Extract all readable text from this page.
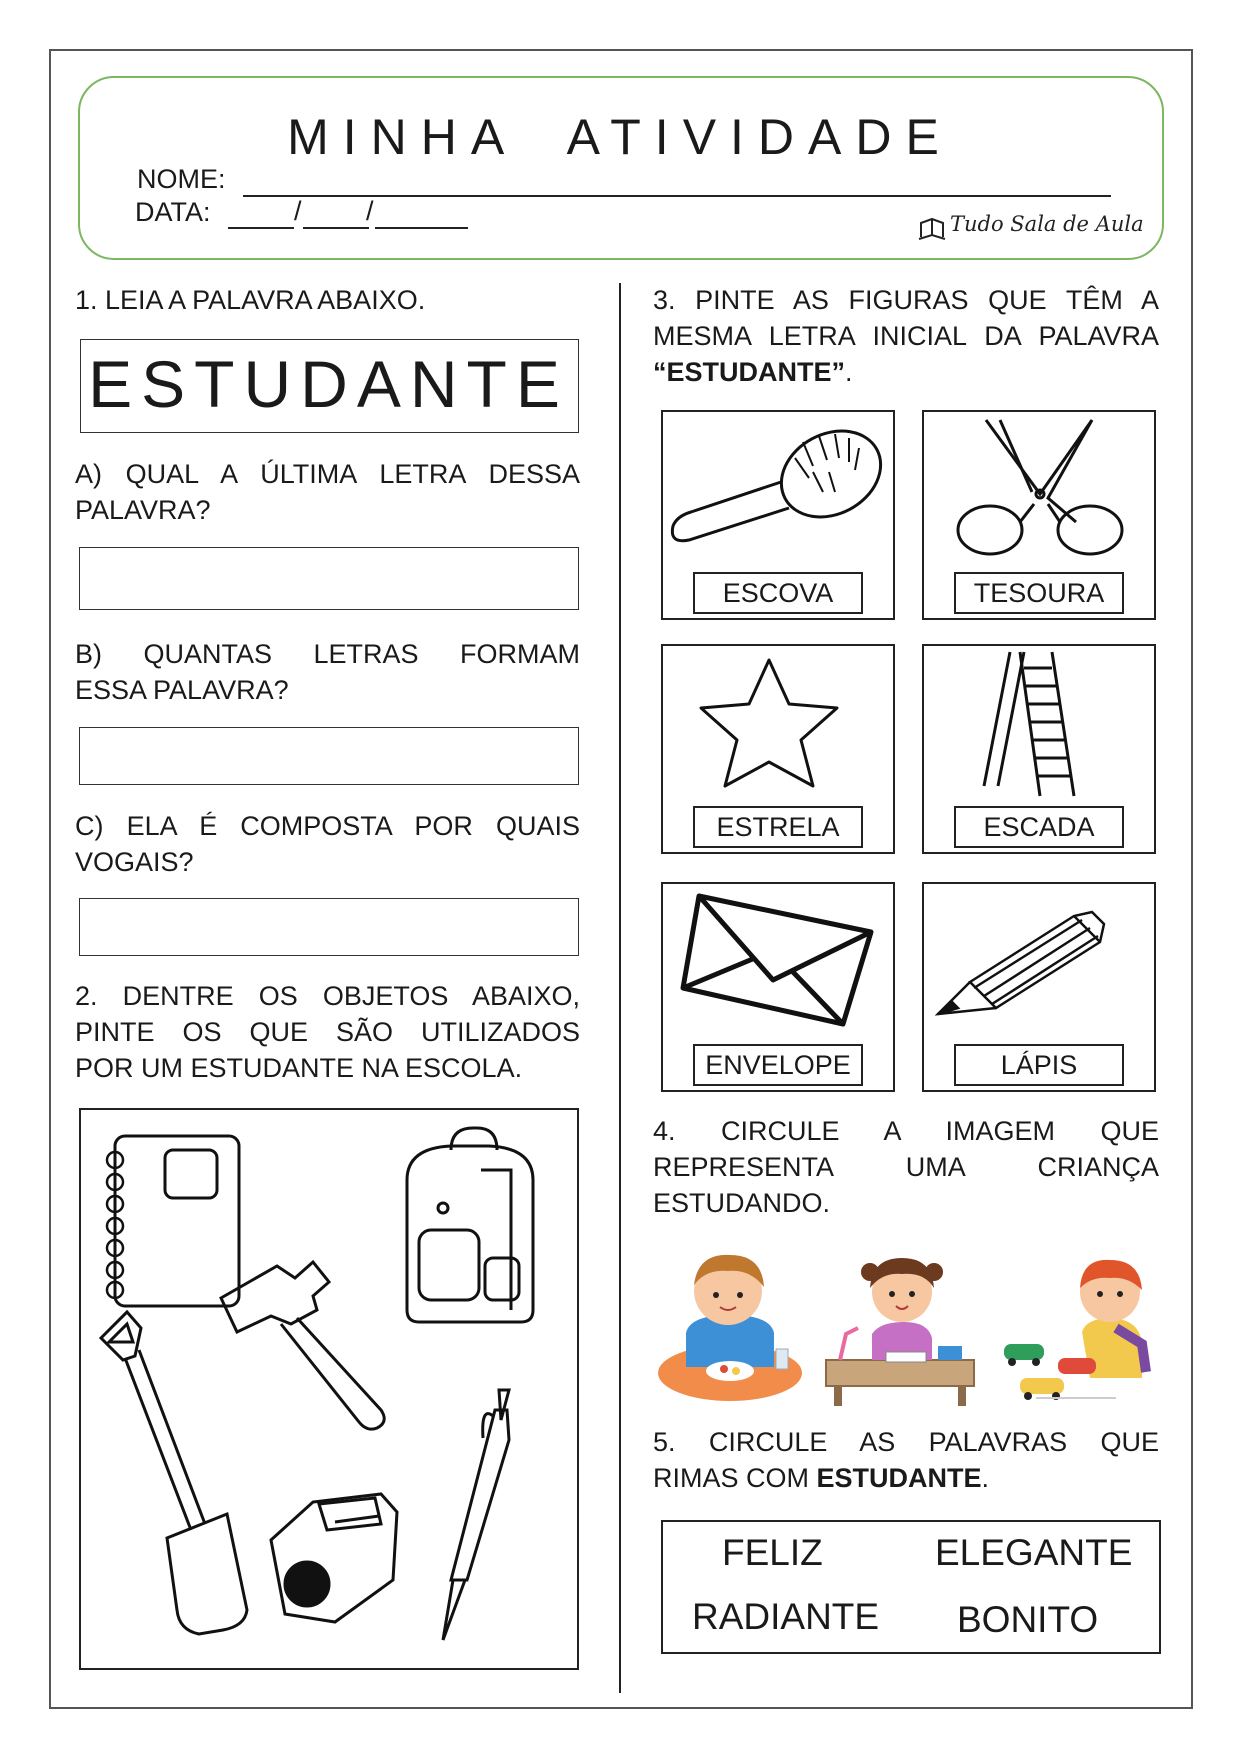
MINHA ATIVIDADE
NOME:
DATA:	/ /	Tudo Sala de Aula
1. LEIA A PALAVRA ABAIXO.
ESTUDANTE
A) QUAL A ÚLTIMA LETRA DESSA
PALAVRA?
B) QUANTAS LETRAS FORMAM
ESSA PALAVRA?
C) ELA É COMPOSTA POR QUAIS
VOGAIS?
2. DENTRE OS OBJETOS ABAIXO,
PINTE OS QUE SÃO UTILIZADOS
POR UM ESTUDANTE NA ESCOLA.
3. PINTE AS FIGURAS QUE TÊM A
MESMA LETRA INICIAL DA PALAVRA
“ESTUDANTE”.
ESCOVA	TESOURA
ESTRELA	ESCADA
ENVELOPE	LÁPIS
4. CIRCULE A IMAGEM QUE
REPRESENTA UMA CRIANÇA
ESTUDANDO.
5. CIRCULE AS PALAVRAS QUE
RIMAS COM ESTUDANTE.
FELIZ	ELEGANTE
RADIANTE BONITO
